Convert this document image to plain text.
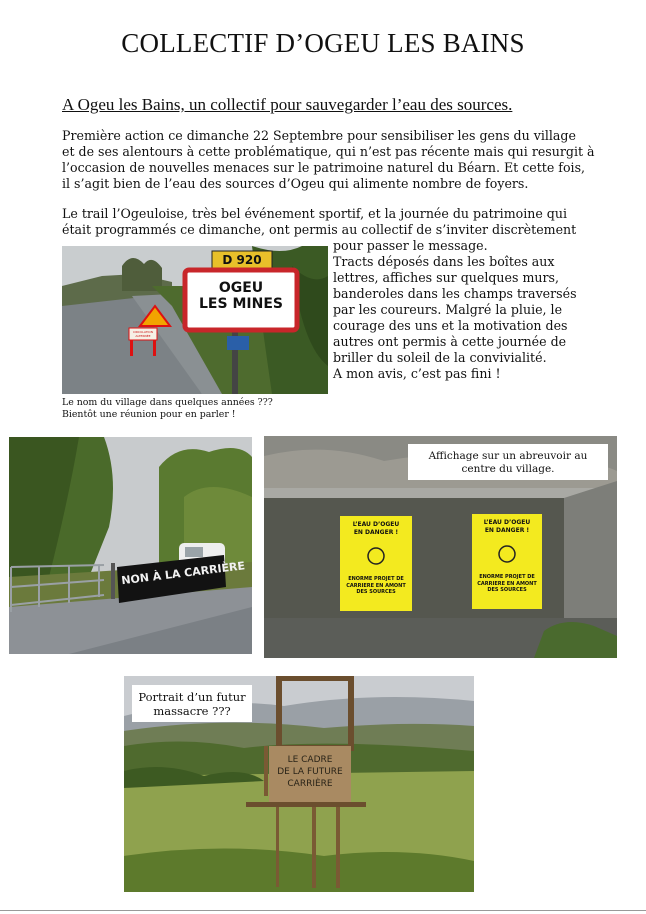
COLLECTIF D’OGEU LES BAINS
A Ogeu les Bains, un collectif pour sauvegarder l’eau des sources.
Première action ce dimanche 22 Septembre pour sensibiliser les gens du village
et de ses alentours à cette problématique, qui n’est pas récente mais qui resurgit à
l’occasion de nouvelles menaces sur le patrimoine naturel du Béarn. Et cette fois,
il s’agit bien de l’eau des sources d’Ogeu qui alimente nombre de foyers.
Le trail l’Ogeuloise, très bel événement sportif, et la journée du patrimoine qui
était programmés ce dimanche, ont permis au collectif de s’inviter discrètement
pour passer le message.
Tracts déposés dans les boîtes aux
lettres, affiches sur quelques murs,
banderoles dans les champs traversés
par les coureurs. Malgré la pluie, le
courage des uns et la motivation des
autres ont permis à cette journée de
briller du soleil de la convivialité.
A mon avis, c’est pas fini !
D 920
OGEU
LES MINES
CIRCULATION ALTERNÉE
Le nom du village dans quelques années ???
Bientôt une réunion pour en parler !
NON À LA CARRIÈRE
Affichage sur un abreuvoir au
centre du village.
L’EAU D’OGEU
EN DANGER !
ENORME PROJET DE
CARRIERE EN AMONT
DES SOURCES
L’EAU D’OGEU
EN DANGER !
ENORME PROJET DE
CARRIERE EN AMONT
DES SOURCES
Portrait d’un futur
massacre ???
LE CADRE
DE LA FUTURE
CARRIÈRE
